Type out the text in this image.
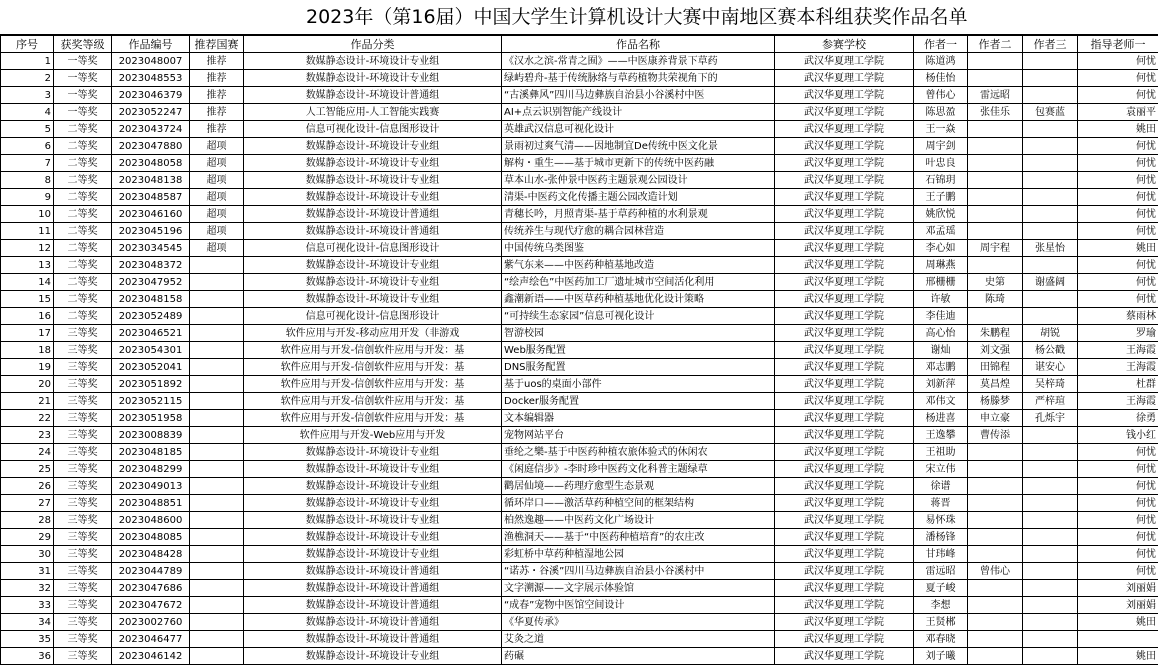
2023年（第16届）中国大学生计算机设计大赛中南地区赛本科组获奖作品名单
序号	获奖等级	作品编号	推荐国赛	作品分类	作品名称	参赛学校	作者一	作者二	作者三	指导老师一
1	一等奖	2023048007	推荐	数媒静态设计-环境设计专业组	《汉水之滨-常青之囿》——中医康养背景下草药	武汉华夏理工学院	陈道鸿			何忧
2	一等奖	2023048553	推荐	数媒静态设计-环境设计专业组	绿屿碧舟-基于传统脉络与草药植物共荣视角下的	武汉华夏理工学院	杨佳怡			何忧
3	一等奖	2023046379	推荐	数媒静态设计-环境设计普通组	“古溪彝风”四川马边彝族自治县小谷溪村中医	武汉华夏理工学院	曾伟心	雷远昭		何忧
4	一等奖	2023052247	推荐	人工智能应用-人工智能实践赛	AI+点云识别智能产线设计	武汉华夏理工学院	陈思盈	张佳乐	包赛蓝	袁丽平
5	二等奖	2023043724	推荐	信息可视化设计-信息图形设计	英雄武汉信息可视化设计	武汉华夏理工学院	王一焱			姚田
6	二等奖	2023047880	超项	数媒静态设计-环境设计专业组	景雨初过爽气清——因地制宜De传统中医文化景	武汉华夏理工学院	周宇剑			何忧
7	二等奖	2023048058	超项	数媒静态设计-环境设计专业组	解构・重生——基于城市更新下的传统中医药融	武汉华夏理工学院	叶忠良			何忧
8	二等奖	2023048138	超项	数媒静态设计-环境设计专业组	草本山水-张仲景中医药主题景观公园设计	武汉华夏理工学院	石锦玥			何忧
9	二等奖	2023048587	超项	数媒静态设计-环境设计专业组	清渠-中医药文化传播主题公园改造计划	武汉华夏理工学院	王子鹏			何忧
10	二等奖	2023046160	超项	数媒静态设计-环境设计普通组	青穗长吟，月照青渠-基于草药种植的水利景观	武汉华夏理工学院	姚欣悦			何忧
11	二等奖	2023045196	超项	数媒静态设计-环境设计普通组	传统养生与现代疗愈的耦合园林营造	武汉华夏理工学院	邓孟瑶			何忧
12	二等奖	2023034545	超项	信息可视化设计-信息图形设计	中国传统乌类图鉴	武汉华夏理工学院	李心如	周宇程	张星怡	姚田
13	二等奖	2023048372		数媒静态设计-环境设计专业组	紫气东来——中医药种植基地改造	武汉华夏理工学院	周琳燕			何忧
14	二等奖	2023047952		数媒静态设计-环境设计专业组	“绘声绘色”中医药加工厂遗址城市空间活化利用	武汉华夏理工学院	邢栅栅	史第	谢盛阔	何忧
15	二等奖	2023048158		数媒静态设计-环境设计专业组	鑫潮新语——中医草药种植基地优化设计策略	武汉华夏理工学院	许敏	陈琦		何忧
16	二等奖	2023052489		信息可视化设计-信息图形设计	“可持续生态家园”信息可视化设计	武汉华夏理工学院	李佳迪			蔡雨林
17	三等奖	2023046521		软件应用与开发-移动应用开发（非游戏	智游校园	武汉华夏理工学院	高心怡	朱鹏程	胡锐	罗瑜
18	三等奖	2023054301		软件应用与开发-信创软件应用与开发：基	Web服务配置	武汉华夏理工学院	谢灿	刘文强	杨公戳	王海霞
19	三等奖	2023052041		软件应用与开发-信创软件应用与开发：基	DNS服务配置	武汉华夏理工学院	邓志鹏	田锦程	谌安心	王海霞
20	三等奖	2023051892		软件应用与开发-信创软件应用与开发：基	基于uos的桌面小部件	武汉华夏理工学院	刘新萍	莫昌煌	吴梓琦	杜群
21	三等奖	2023052115		软件应用与开发-信创软件应用与开发：基	Docker服务配置	武汉华夏理工学院	邓伟文	杨滕梦	严梓瑄	王海霞
22	三等奖	2023051958		软件应用与开发-信创软件应用与开发：基	文本编辑器	武汉华夏理工学院	杨进喜	申立豪	孔烁宇	徐勇
23	三等奖	2023008839		软件应用与开发-Web应用与开发	宠物网站平台	武汉华夏理工学院	王逸攀	曹传添		钱小红
24	三等奖	2023048185		数媒静态设计-环境设计专业组	垂纶之樂-基于中医药种植农旅体验式的休闲农	武汉华夏理工学院	王祖助			何忧
25	三等奖	2023048299		数媒静态设计-环境设计专业组	《闲庭信步》-李时珍中医药文化科普主题绿草	武汉华夏理工学院	宋立伟			何忧
26	三等奖	2023049013		数媒静态设计-环境设计专业组	鹳居仙境——药理疗愈型生态景观	武汉华夏理工学院	徐谱			何忧
27	三等奖	2023048851		数媒静态设计-环境设计专业组	循环岸口——激活草药种植空间的框架结构	武汉华夏理工学院	蒋晋			何忧
28	三等奖	2023048600		数媒静态设计-环境设计专业组	柏然逸趣——中医药文化广场设计	武汉华夏理工学院	易怀珠			何忧
29	三等奖	2023048085		数媒静态设计-环境设计专业组	渔樵洞天——基于“中医药种植培育”的农庄改	武汉华夏理工学院	潘杨锋			何忧
30	三等奖	2023048428		数媒静态设计-环境设计专业组	彩虹桥中草药种植湿地公园	武汉华夏理工学院	甘玮峰			何忧
31	三等奖	2023044789		数媒静态设计-环境设计普通组	“诺苏・谷溪”四川马边彝族自治县小谷溪村中	武汉华夏理工学院	雷远昭	曾伟心		何忧
32	三等奖	2023047686		数媒静态设计-环境设计普通组	文字溯源——文字展示体验馆	武汉华夏理工学院	夏子峻			刘丽娟
33	三等奖	2023047672		数媒静态设计-环境设计普通组	“成春”宠物中医馆空间设计	武汉华夏理工学院	李想			刘丽娟
34	三等奖	2023002760		数媒静态设计-环境设计普通组	《华夏传承》	武汉华夏理工学院	王贤郴			姚田
35	三等奖	2023046477		数媒静态设计-环境设计普通组	艾灸之道	武汉华夏理工学院	邓春晓			
36	三等奖	2023046142		数媒静态设计-环境设计专业组	药碾	武汉华夏理工学院	刘子曦			姚田
